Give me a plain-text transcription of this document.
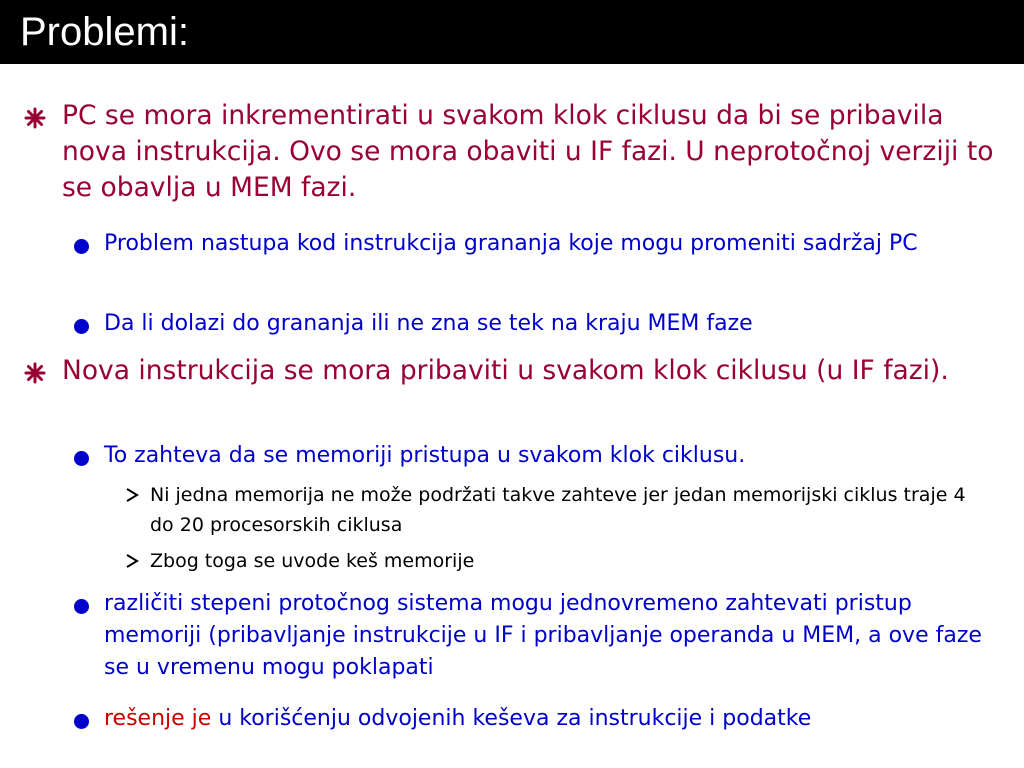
Problemi:
PC se mora inkrementirati u svakom klok ciklusu da bi se pribavila nova instrukcija. Ovo se mora obaviti u IF fazi. U neprotočnoj verziji to se obavlja u MEM fazi.
Problem nastupa kod instrukcija grananja koje mogu promeniti sadržaj PC
Da li dolazi do grananja ili ne zna se tek na kraju MEM faze
Nova instrukcija se mora pribaviti u svakom klok ciklusu (u IF fazi).
To zahteva da se memoriji pristupa u svakom klok ciklusu.
Ni jedna memorija ne može podržati takve zahteve jer jedan memorijski ciklus traje 4 do 20 procesorskih ciklusa
Zbog toga se uvode keš memorije
različiti stepeni protočnog sistema mogu jednovremeno zahtevati pristup memoriji (pribavljanje instrukcije u IF i pribavljanje operanda u MEM, a ove faze se u vremenu mogu poklapati
rešenje je u korišćenju odvojenih keševa za instrukcije i podatke
